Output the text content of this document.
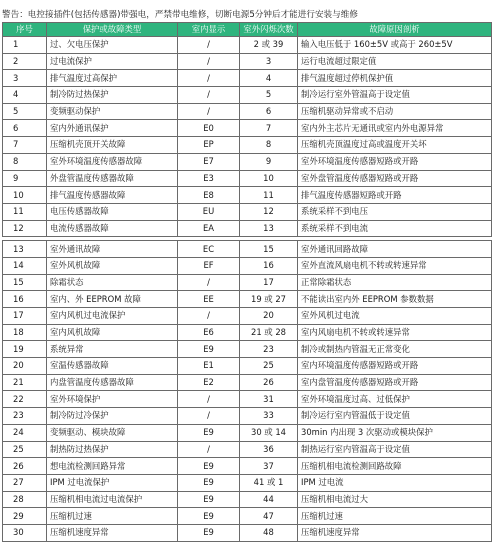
警告：电控接插件(包括传感器)带强电，严禁带电维修，切断电源5分钟后才能进行安装与维修
序号	保护或故障类型	室内显示	室外闪烁次数	故障原因剖析
1	过、欠电压保护	/	2 或 39	输入电压低于 160±5V 或高于 260±5V
2	过电流保护	/	3	运行电流超过限定值
3	排气温度过高保护	/	4	排气温度超过停机保护值
4	制冷防过热保护	/	5	制冷运行室外管温高于设定值
5	变频驱动保护	/	6	压缩机驱动异常或不启动
6	室内外通讯保护	E0	7	室内外主芯片无通讯或室内外电源异常
7	压缩机壳顶开关故障	EP	8	压缩机壳顶温度过高或温度开关坏
8	室外环境温度传感器故障	E7	9	室外环境温度传感器短路或开路
9	外盘管温度传感器故障	E3	10	室外盘管温度传感器短路或开路
10	排气温度传感器故障	E8	11	排气温度传感器短路或开路
11	电压传感器故障	EU	12	系统采样不到电压
12	电流传感器故障	EA	13	系统采样不到电流

13	室外通讯故障	EC	15	室外通讯回路故障
14	室外风机故障	EF	16	室外直流风扇电机不转或转速异常
15	除霜状态	/	17	正常除霜状态
16	室内、外 EEPROM 故障	EE	19 或 27	不能读出室内外 EEPROM 参数数据
17	室内风机过电流保护	/	20	室外风机过电流
18	室内风机故障	E6	21 或 28	室内风扇电机不转或转速异常
19	系统异常	E9	23	制冷或制热内管温无正常变化
20	室温传感器故障	E1	25	室内环境温度传感器短路或开路
21	内盘管温度传感器故障	E2	26	室内盘管温度传感器短路或开路
22	室外环境保护	/	31	室外环境温度过高、过低保护
23	制冷防过冷保护	/	33	制冷运行室内管温低于设定值
24	变频驱动、模块故障	E9	30 或 14	30min 内出现 3 次驱动或模块保护
25	制热防过热保护	/	36	制热运行室内管温高于设定值
26	想电流检测回路异常	E9	37	压缩机相电流检测回路故障
27	IPM 过电流保护	E9	41 或 1	IPM 过电流
28	压缩机相电流过电流保护	E9	44	压缩机相电流过大
29	压缩机过速	E9	47	压缩机过速
30	压缩机速度异常	E9	48	压缩机速度异常
